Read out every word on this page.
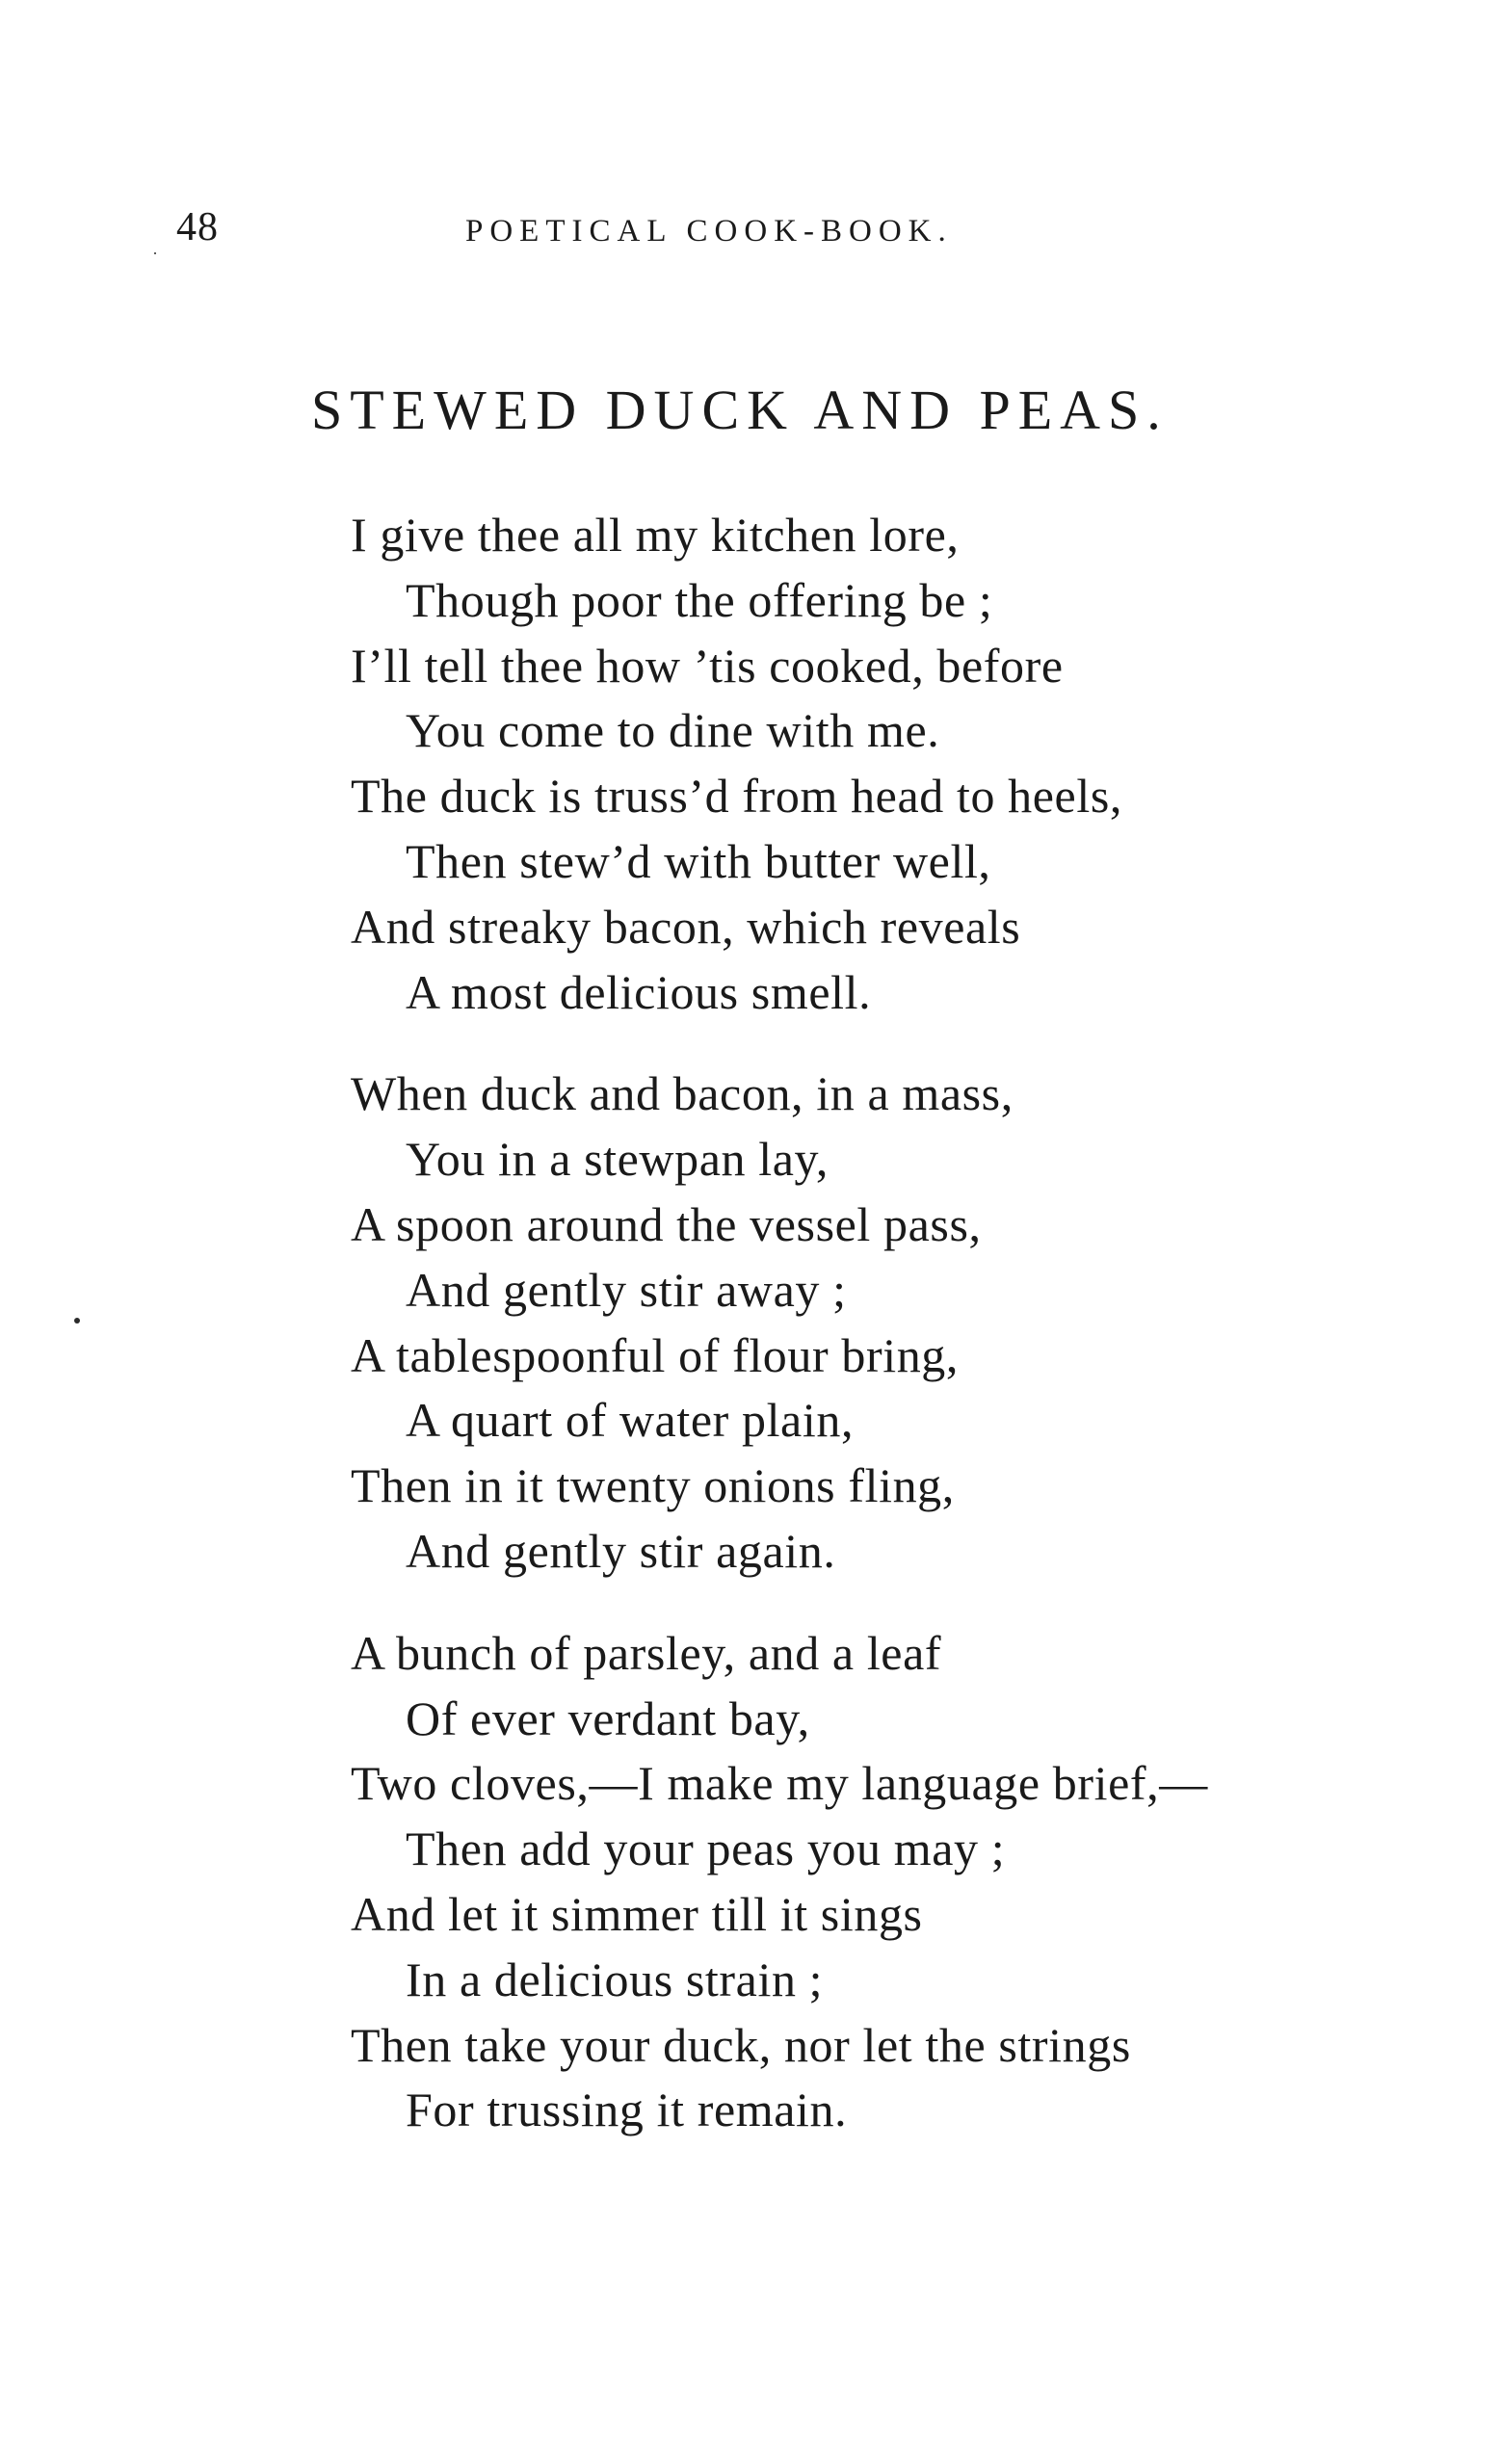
48	POETICAL COOK-BOOK.
STEWED DUCK AND PEAS.
I give thee all my kitchen lore,
Though poor the offering be ;
I’ll tell thee how ’tis cooked, before
You come to dine with me.
The duck is truss’d from head to heels,
Then stew’d with butter well,
And streaky bacon, which reveals
A most delicious smell.
When duck and bacon, in a mass,
You in a stewpan lay,
A spoon around the vessel pass,
And gently stir away ;
A tablespoonful of flour bring,
A quart of water plain,
Then in it twenty onions fling,
And gently stir again.
A bunch of parsley, and a leaf
Of ever verdant bay,
Two cloves,—I make my language brief,—
Then add your peas you may ;
And let it simmer till it sings
In a delicious strain ;
Then take your duck, nor let the strings
For trussing it remain.
